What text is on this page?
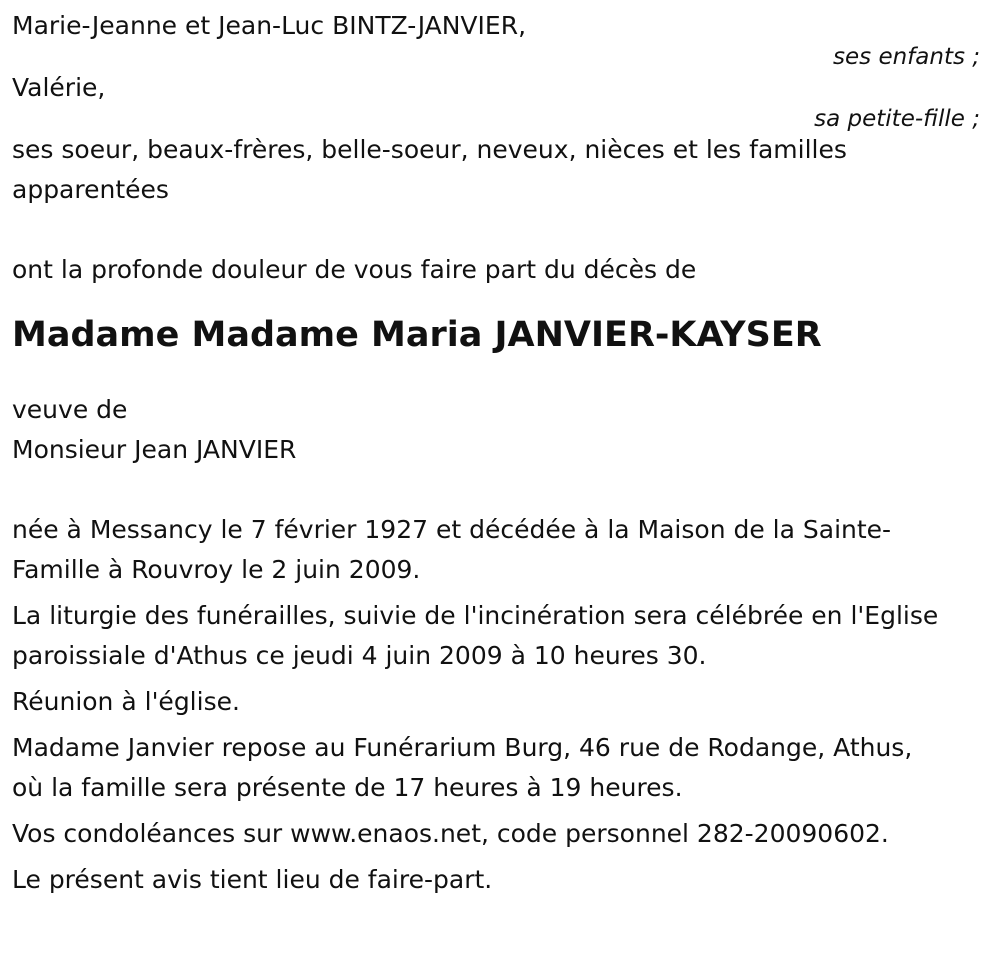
Marie-Jeanne et Jean-Luc BINTZ-JANVIER,
ses enfants ;
Valérie,
sa petite-fille ;
ses soeur, beaux-frères, belle-soeur, neveux, nièces et les familles
apparentées
ont la profonde douleur de vous faire part du décès de
Madame Madame Maria JANVIER-KAYSER
veuve de
Monsieur Jean JANVIER
née à Messancy le 7 février 1927 et décédée à la Maison de la Sainte-
Famille à Rouvroy le 2 juin 2009.
La liturgie des funérailles, suivie de l'incinération sera célébrée en l'Eglise
paroissiale d'Athus ce jeudi 4 juin 2009 à 10 heures 30.
Réunion à l'église.
Madame Janvier repose au Funérarium Burg, 46 rue de Rodange, Athus,
où la famille sera présente de 17 heures à 19 heures.
Vos condoléances sur www.enaos.net, code personnel 282-20090602.
Le présent avis tient lieu de faire-part.
